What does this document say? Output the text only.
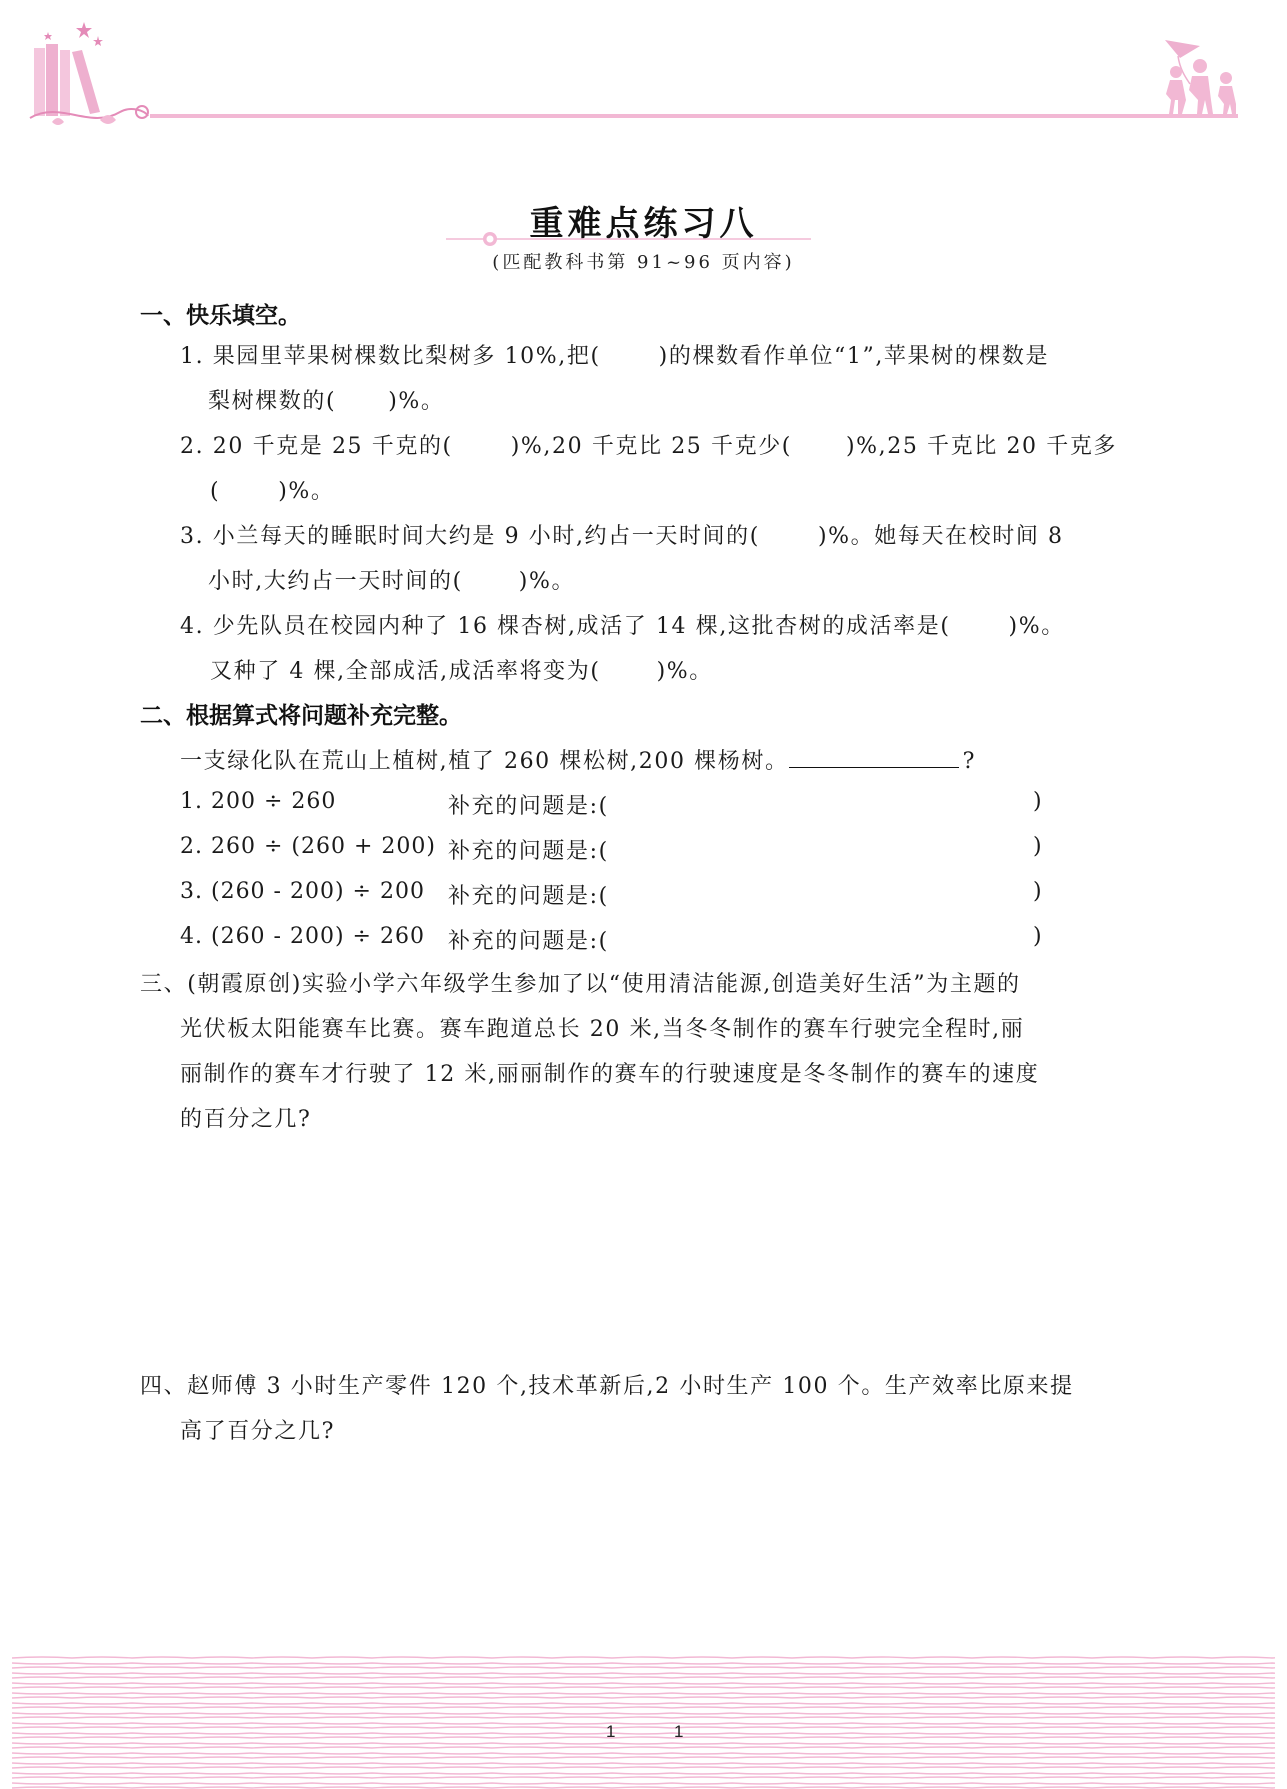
重难点练习八
(匹配教科书第 91~96 页内容)
一、快乐填空。
1. 果园里苹果树棵数比梨树多 10%,把(	)的棵数看作单位“1”,苹果树的棵数是
梨树棵数的( )%。
2. 20 千克是 25 千克的(	)%,20 千克比 25 千克少( )%,25 千克比 20 千克多
(	)%。
3. 小兰每天的睡眠时间大约是 9 小时,约占一天时间的(	)%。她每天在校时间 8
小时,大约占一天时间的(	)%。
4. 少先队员在校园内种了 16 棵杏树,成活了 14 棵,这批杏树的成活率是(	)%。
又种了 4 棵,全部成活,成活率将变为(	)%。
二、根据算式将问题补充完整。
一支绿化队在荒山上植树,植了 260 棵松树,200 棵杨树。	?
1. 200 ÷ 260	补充的问题是:(	)
2. 260 ÷ (260 + 200) 补充的问题是:(	)
3. (260 - 200) ÷ 200 补充的问题是:(	)
4. (260 - 200) ÷ 260 补充的问题是:(	)
三、(朝霞原创)实验小学六年级学生参加了以“使用清洁能源,创造美好生活”为主题的
光伏板太阳能赛车比赛。赛车跑道总长 20 米,当冬冬制作的赛车行驶完全程时,丽
丽制作的赛车才行驶了 12 米,丽丽制作的赛车的行驶速度是冬冬制作的赛车的速度
的百分之几?
四、赵师傅 3 小时生产零件 120 个,技术革新后,2 小时生产 100 个。生产效率比原来提
高了百分之几?
1	1
